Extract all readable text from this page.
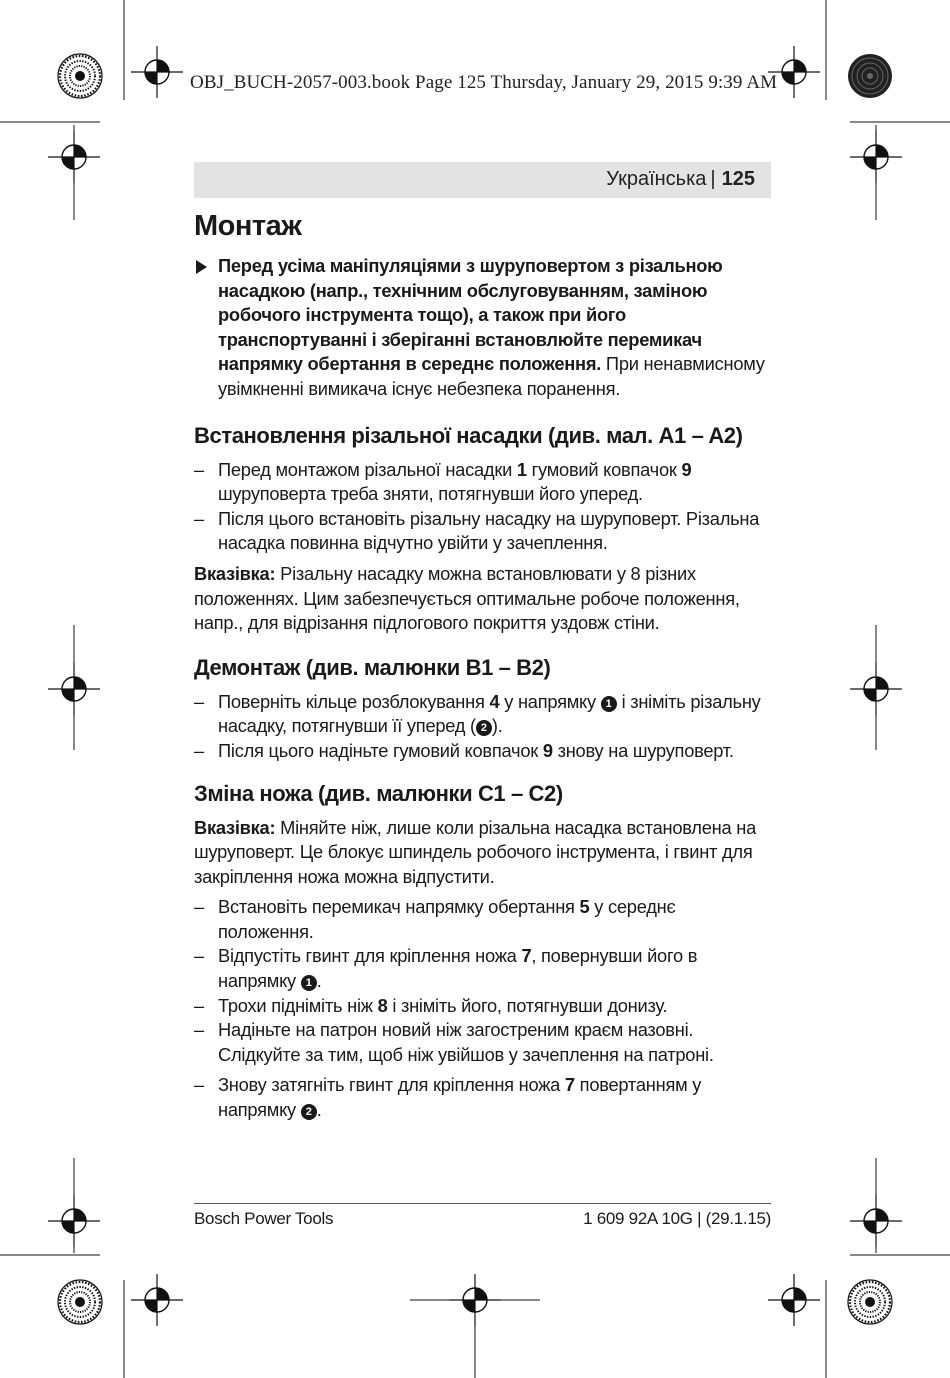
OBJ_BUCH-2057-003.book Page 125 Thursday, January 29, 2015 9:39 AM
Українська | 125
Монтаж

Перед усіма маніпуляціями з шуруповертом з різальною насадкою (напр., технічним обслуговуванням, заміною робочого інструмента тощо), а також при його транспортуванні і зберіганні встановлюйте перемикач напрямку обертання в середнє положення. При ненавмисному увімкненні вимикача існує небезпека поранення.

Встановлення різальної насадки (див. мал. A1 – A2)
– Перед монтажом різальної насадки 1 гумовий ковпачок 9 шуруповерта треба зняти, потягнувши його уперед.
– Після цього встановіть різальну насадку на шуруповерт. Різальна насадка повинна відчутно увійти у зачеплення.

Вказівка: Різальну насадку можна встановлювати у 8 різних положеннях. Цим забезпечується оптимальне робоче положення, напр., для відрізання підлогового покриття уздовж стіни.

Демонтаж (див. малюнки B1 – B2)
– Поверніть кільце розблокування 4 у напрямку 1 і зніміть різальну насадку, потягнувши її уперед ( 2 ).
– Після цього надіньте гумовий ковпачок 9 знову на шуруповерт.
Зміна ножа (див. малюнки C1 – C2)

Вказівка: Міняйте ніж, лише коли різальна насадка встановлена на шуруповерт. Це блокує шпиндель робочого інструмента, і гвинт для закріплення ножа можна відпустити.

– Встановіть перемикач напрямку обертання 5 у середнє положення.
– Відпустіть гвинт для кріплення ножа 7, повернувши його в напрямку 1 .
– Трохи підніміть ніж 8 і зніміть його, потягнувши донизу.
– Надіньте на патрон новий ніж загостреним краєм назовні. Слідкуйте за тим, щоб ніж увійшов у зачеплення на патроні.
– Знову затягніть гвинт для кріплення ножа 7 повертанням у напрямку 2 .
Bosch Power Tools	1 609 92A 10G | (29.1.15)
